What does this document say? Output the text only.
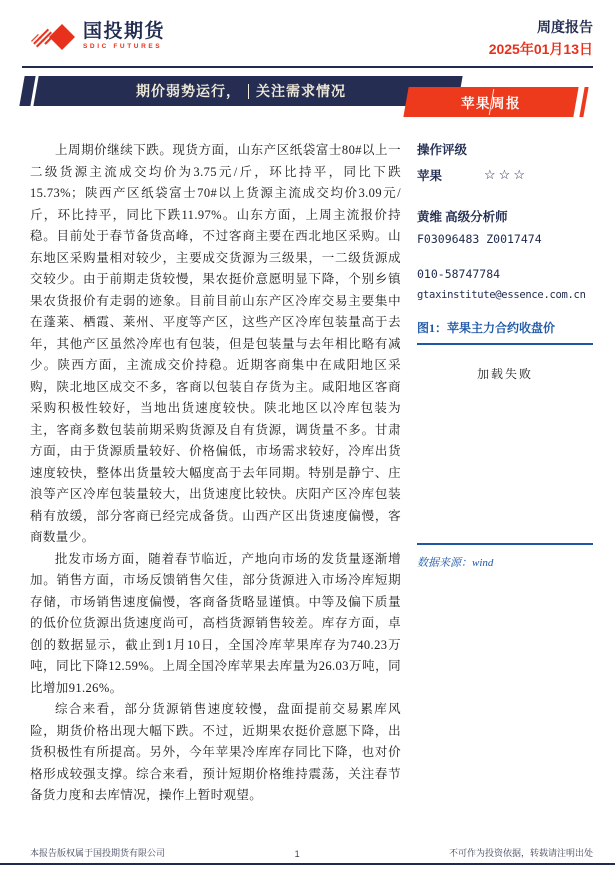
国投期货
SDIC FUTURES
周度报告
2025年01月13日
期价弱势运行， 关注需求情况
苹果周报

上周期价继续下跌。现货方面，山东产区纸袋富士80#以上一二级货源主流成交均价为3.75元/斤，环比持平，同比下跌15.73%；陕西产区纸袋富士70#以上货源主流成交均价3.09元/斤，环比持平，同比下跌11.97%。山东方面，上周主流报价持稳。目前处于春节备货高峰，不过客商主要在西北地区采购。山东地区采购量相对较少，主要成交货源为三级果，一二级货源成交较少。由于前期走货较慢，果农挺价意愿明显下降，个别乡镇果农货报价有走弱的迹象。目前目前山东产区冷库交易主要集中在蓬莱、栖霞、莱州、平度等产区，这些产区冷库包装量高于去年，其他产区虽然冷库也有包装，但是包装量与去年相比略有减少。陕西方面，主流成交价持稳。近期客商集中在咸阳地区采购，陕北地区成交不多，客商以包装自存货为主。咸阳地区客商采购积极性较好，当地出货速度较快。陕北地区以冷库包装为主，客商多数包装前期采购货源及自有货源，调货量不多。甘肃方面，由于货源质量较好、价格偏低，市场需求较好，冷库出货速度较快，整体出货量较大幅度高于去年同期。特别是静宁、庄浪等产区冷库包装量较大，出货速度比较快。庆阳产区冷库包装稍有放缓，部分客商已经完成备货。山西产区出货速度偏慢，客商数量少。

批发市场方面，随着春节临近，产地向市场的发货量逐渐增加。销售方面，市场反馈销售欠佳，部分货源进入市场冷库短期存储，市场销售速度偏慢，客商备货略显谨慎。中等及偏下质量的低价位货源出货速度尚可，高档货源销售较差。库存方面，卓创的数据显示，截止到1月10日，全国冷库苹果库存为740.23万吨，同比下降12.59%。上周全国冷库苹果去库量为26.03万吨，同比增加91.26%。

综合来看，部分货源销售速度较慢，盘面提前交易累库风险，期货价格出现大幅下跌。不过，近期果农挺价意愿下降，出货积极性有所提高。另外，今年苹果冷库库存同比下降，也对价格形成较强支撑。综合来看，预计短期价格维持震荡，关注春节备货力度和去库情况，操作上暂时观望。

操作评级
苹果	☆☆☆
黄维 高级分析师
F03096483 Z0017474
010-58747784
gtaxinstitute@essence.com.cn
图1：苹果主力合约收盘价
加载失败
数据来源：wind
本报告版权属于国投期货有限公司	1	不可作为投资依据，转载请注明出处
